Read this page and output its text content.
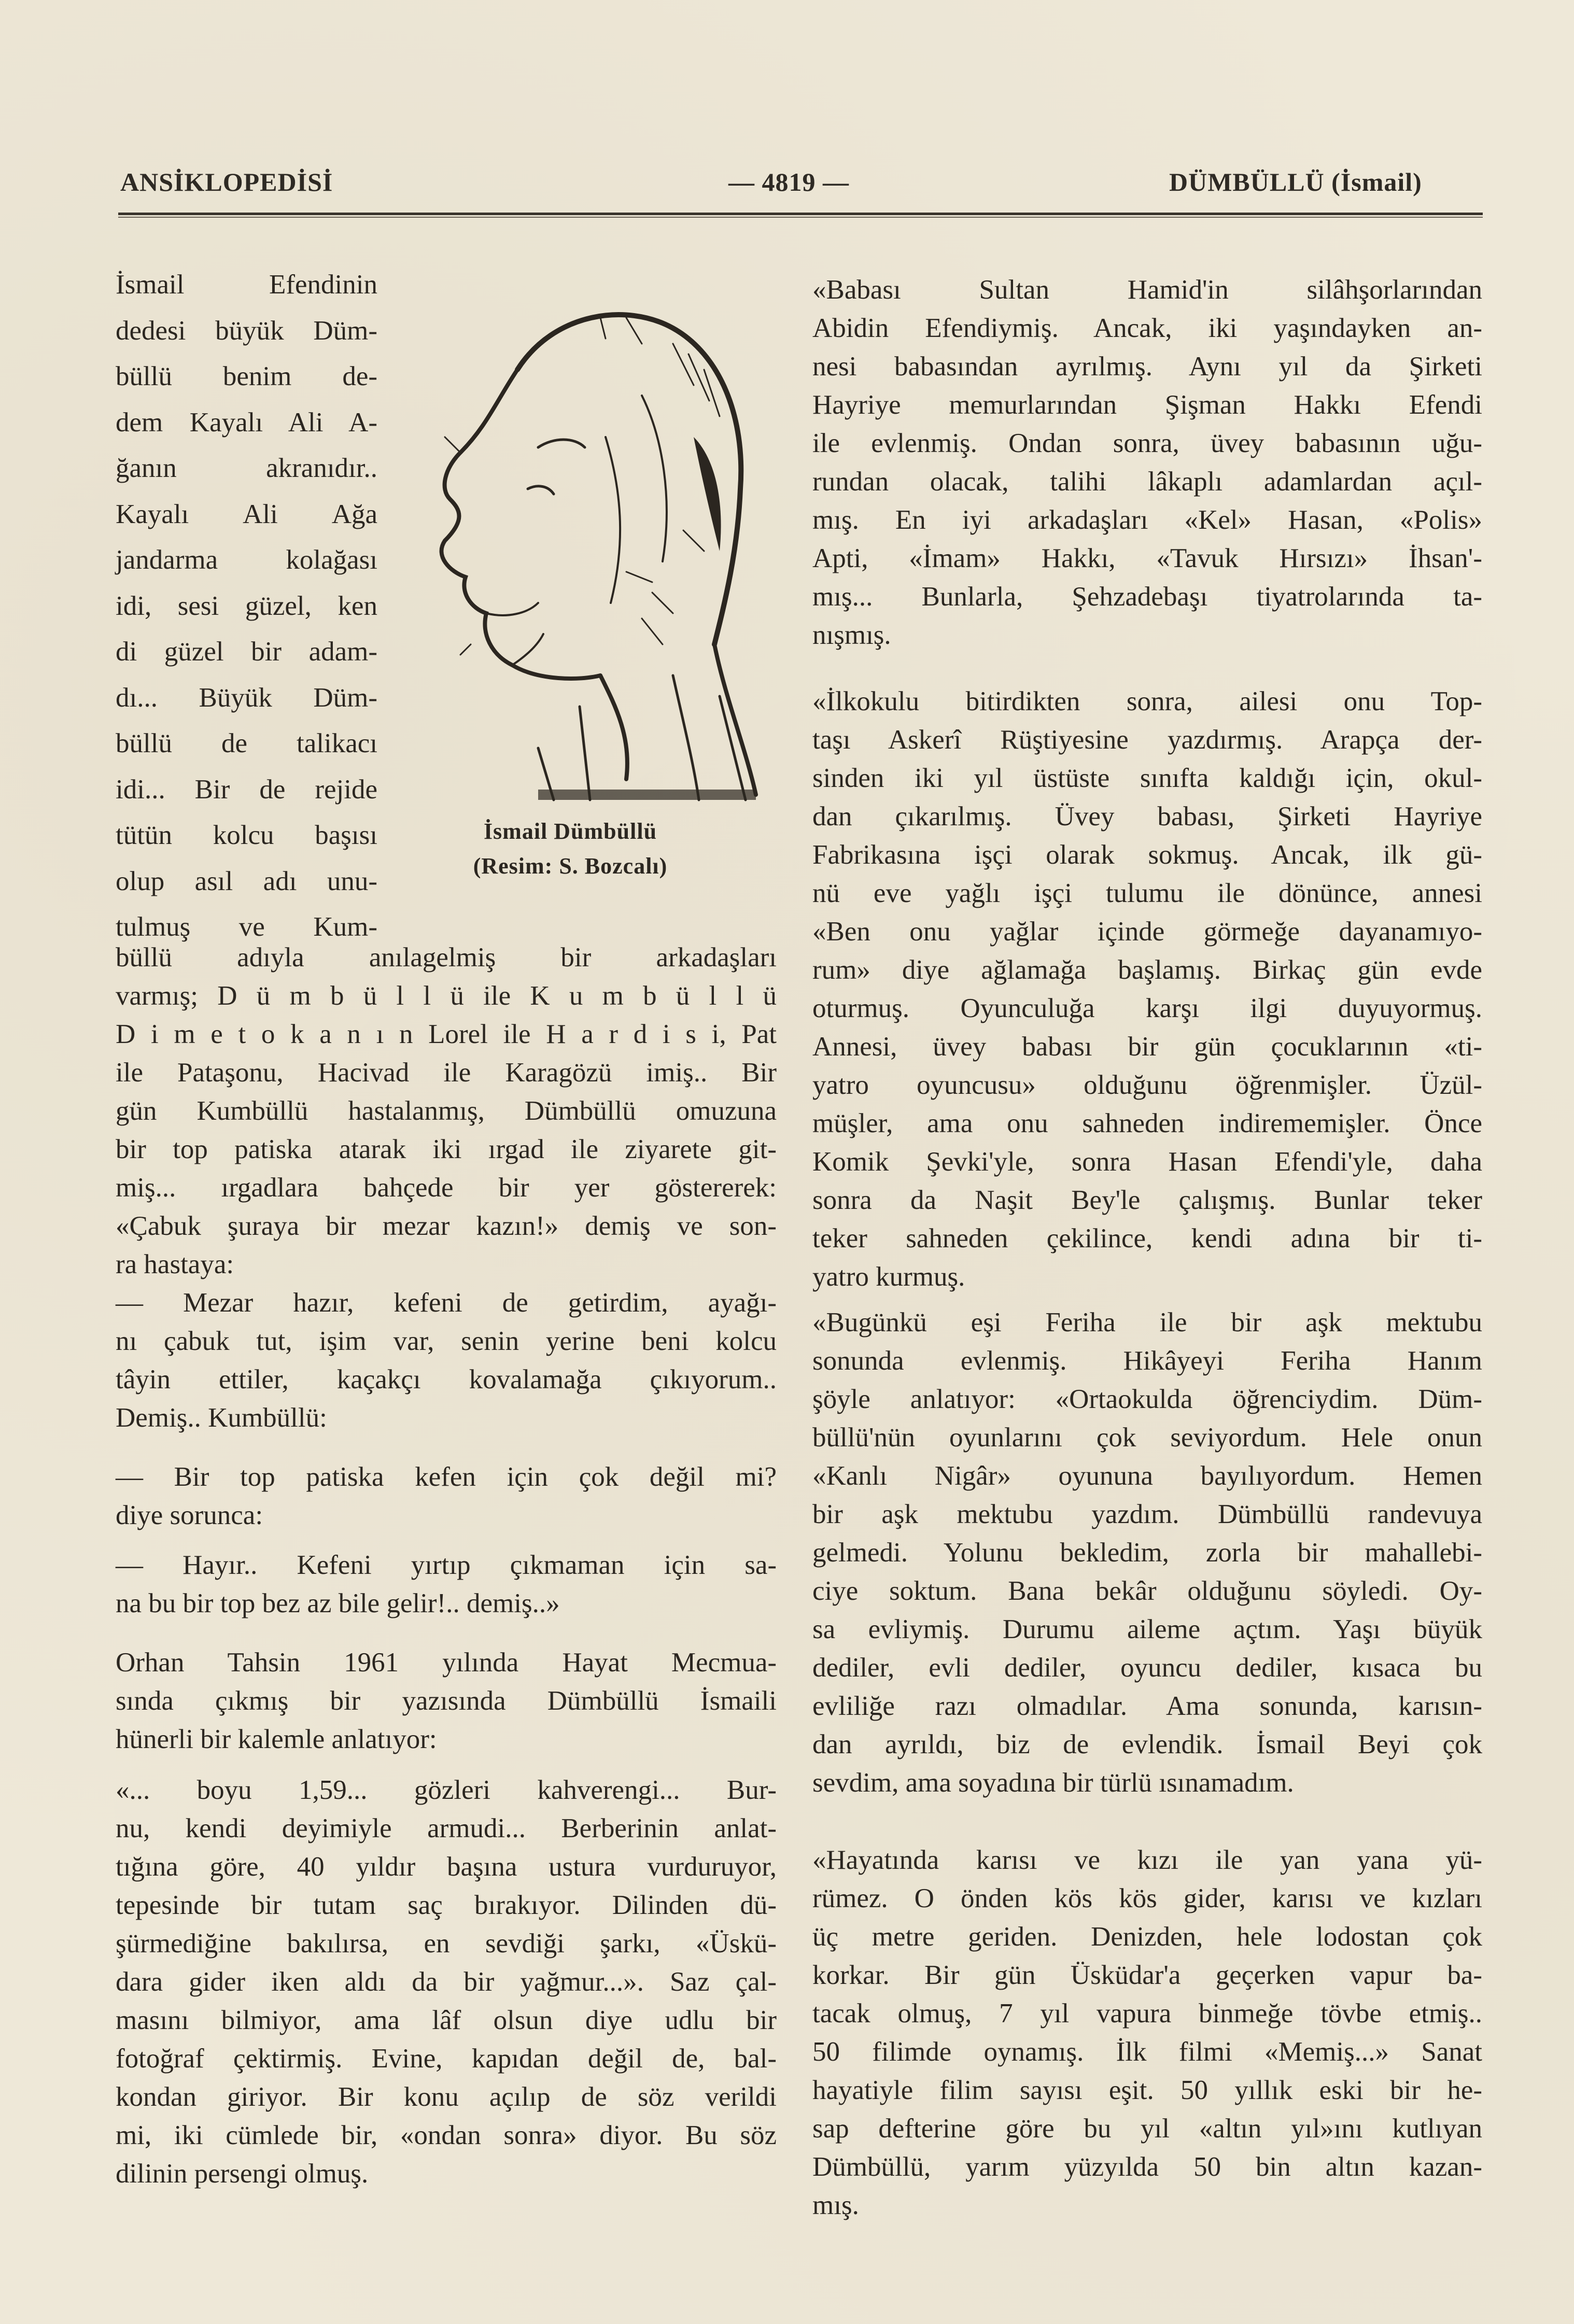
ANSİKLOPEDİSİ	— 4819 —	DÜMBÜLLÜ (İsmail)
İsmail Efendinin
dedesi büyük Düm-
büllü benim de-
dem Kayalı Ali A-
ğanın akranıdır..
Kayalı Ali Ağa
jandarma kolağası
idi, sesi güzel, ken
di güzel bir adam-
dı... Büyük Düm-
büllü de talikacı
idi... Bir de rejide
tütün kolcu başısı
olup asıl adı unu-
tulmuş ve Kum-
büllü adıyla anılagelmiş bir arkadaşları
varmış; D ü m b ü l l ü ile K u m b ü l l ü
D i m e t o k a n ı n Lorel ile H a r d i s i, Pat
ile Pataşonu, Hacivad ile Karagözü imiş.. Bir
gün Kumbüllü hastalanmış, Dümbüllü omuzuna
bir top patiska atarak iki ırgad ile ziyarete git-
miş... ırgadlara bahçede bir yer göstererek:
«Çabuk şuraya bir mezar kazın!» demiş ve son-
ra hastaya:
— Mezar hazır, kefeni de getirdim, ayağı-
nı çabuk tut, işim var, senin yerine beni kolcu
tâyin ettiler, kaçakçı kovalamağa çıkıyorum..
Demiş.. Kumbüllü:
— Bir top patiska kefen için çok değil mi?
diye sorunca:
— Hayır.. Kefeni yırtıp çıkmaman için sa-
na bu bir top bez az bile gelir!.. demiş..»
Orhan Tahsin 1961 yılında Hayat Mecmua-
sında çıkmış bir yazısında Dümbüllü İsmaili
hünerli bir kalemle anlatıyor:
«... boyu 1,59... gözleri kahverengi... Bur-
nu, kendi deyimiyle armudi... Berberinin anlat-
tığına göre, 40 yıldır başına ustura vurduruyor,
tepesinde bir tutam saç bırakıyor. Dilinden dü-
şürmediğine bakılırsa, en sevdiği şarkı, «Üskü-
dara gider iken aldı da bir yağmur...». Saz çal-
masını bilmiyor, ama lâf olsun diye udlu bir
fotoğraf çektirmiş. Evine, kapıdan değil de, bal-
kondan giriyor. Bir konu açılıp de söz verildi
mi, iki cümlede bir, «ondan sonra» diyor. Bu söz
dilinin persengi olmuş.
«Babası Sultan Hamid'in silâhşorlarından
Abidin Efendiymiş. Ancak, iki yaşındayken an-
nesi babasından ayrılmış. Aynı yıl da Şirketi
Hayriye memurlarından Şişman Hakkı Efendi
ile evlenmiş. Ondan sonra, üvey babasının uğu-
rundan olacak, talihi lâkaplı adamlardan açıl-
mış. En iyi arkadaşları «Kel» Hasan, «Polis»
Apti, «İmam» Hakkı, «Tavuk Hırsızı» İhsan'-
mış... Bunlarla, Şehzadebaşı tiyatrolarında ta-
nışmış.
«İlkokulu bitirdikten sonra, ailesi onu Top-
taşı Askerî Rüştiyesine yazdırmış. Arapça der-
sinden iki yıl üstüste sınıfta kaldığı için, okul-
dan çıkarılmış. Üvey babası, Şirketi Hayriye
Fabrikasına işçi olarak sokmuş. Ancak, ilk gü-
nü eve yağlı işçi tulumu ile dönünce, annesi
«Ben onu yağlar içinde görmeğe dayanamıyo-
rum» diye ağlamağa başlamış. Birkaç gün evde
oturmuş. Oyunculuğa karşı ilgi duyuyormuş.
Annesi, üvey babası bir gün çocuklarının «ti-
yatro oyuncusu» olduğunu öğrenmişler. Üzül-
müşler, ama onu sahneden indirememişler. Önce
Komik Şevki'yle, sonra Hasan Efendi'yle, daha
sonra da Naşit Bey'le çalışmış. Bunlar teker
teker sahneden çekilince, kendi adına bir ti-
yatro kurmuş.
«Bugünkü eşi Feriha ile bir aşk mektubu
sonunda evlenmiş. Hikâyeyi Feriha Hanım
şöyle anlatıyor: «Ortaokulda öğrenciydim. Düm-
büllü'nün oyunlarını çok seviyordum. Hele onun
«Kanlı Nigâr» oyununa bayılıyordum. Hemen
bir aşk mektubu yazdım. Dümbüllü randevuya
gelmedi. Yolunu bekledim, zorla bir mahallebi-
ciye soktum. Bana bekâr olduğunu söyledi. Oy-
sa evliymiş. Durumu aileme açtım. Yaşı büyük
dediler, evli dediler, oyuncu dediler, kısaca bu
evliliğe razı olmadılar. Ama sonunda, karısın-
dan ayrıldı, biz de evlendik. İsmail Beyi çok
sevdim, ama soyadına bir türlü ısınamadım.
«Hayatında karısı ve kızı ile yan yana yü-
rümez. O önden kös kös gider, karısı ve kızları
üç metre geriden. Denizden, hele lodostan çok
korkar. Bir gün Üsküdar'a geçerken vapur ba-
tacak olmuş, 7 yıl vapura binmeğe tövbe etmiş..
50 filimde oynamış. İlk filmi «Memiş...» Sanat
hayatiyle filim sayısı eşit. 50 yıllık eski bir he-
sap defterine göre bu yıl «altın yıl»ını kutlıyan
Dümbüllü, yarım yüzyılda 50 bin altın kazan-
mış.
İsmail Dümbüllü
(Resim: S. Bozcalı)
